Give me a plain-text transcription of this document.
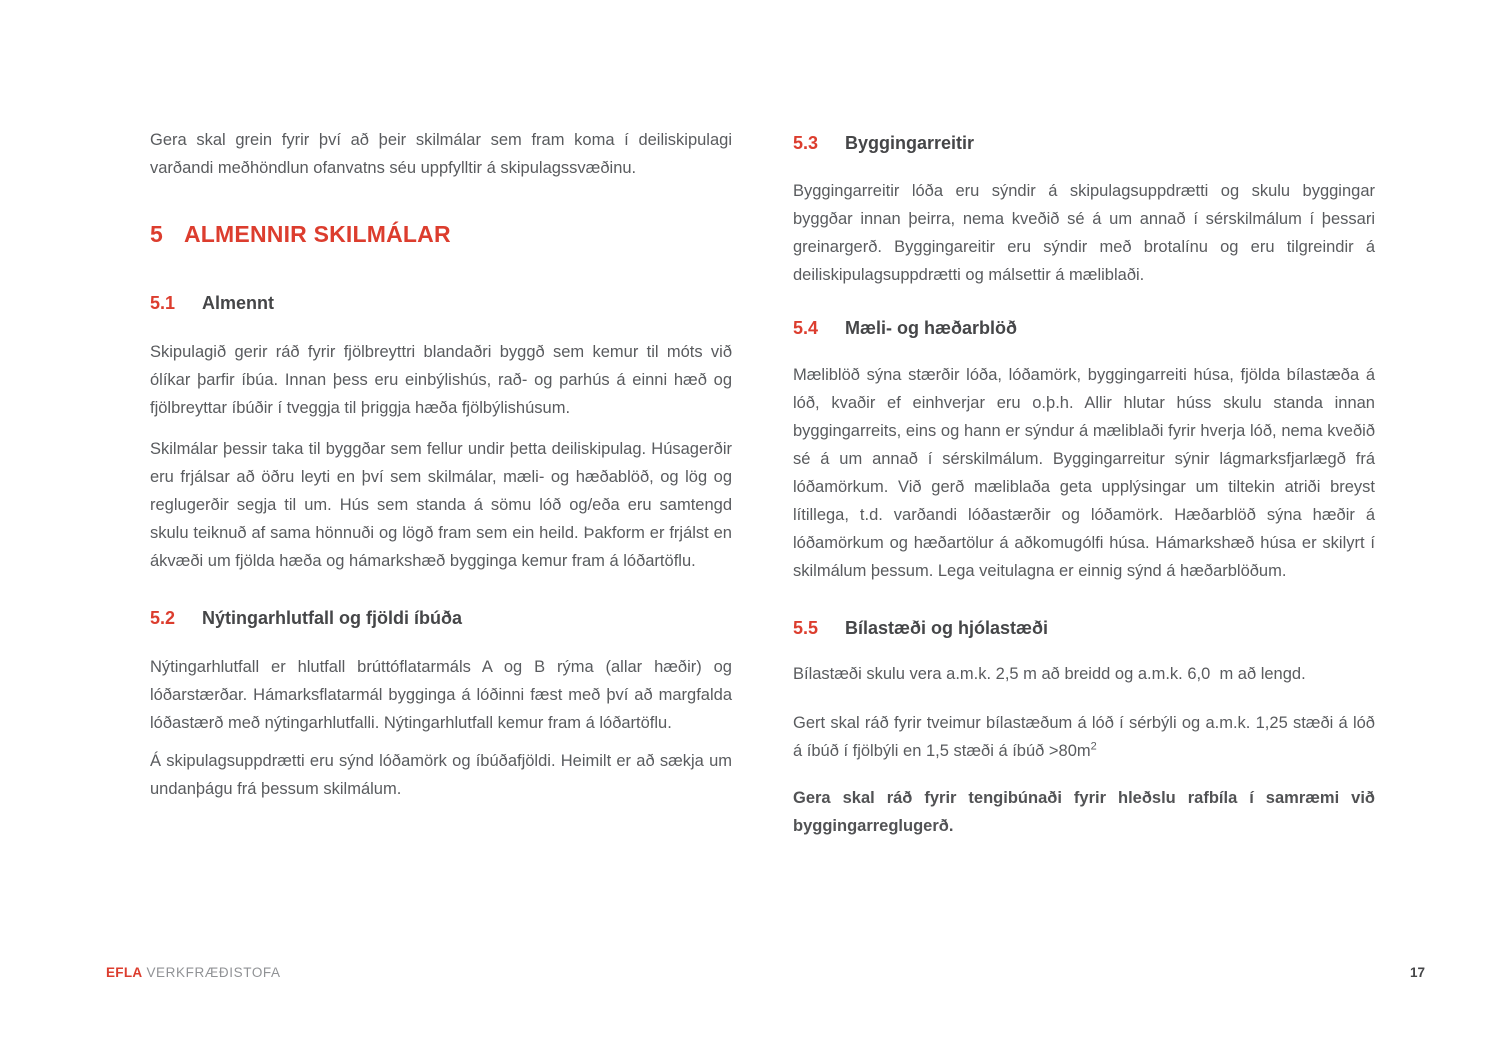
Gera skal grein fyrir því að þeir skilmálar sem fram koma í deiliskipulagi varðandi meðhöndlun ofanvatns séu uppfylltir á skipulagssvæðinu.
5 ALMENNIR SKILMÁLAR
5.1 Almennt
Skipulagið gerir ráð fyrir fjölbreyttri blandaðri byggð sem kemur til móts við ólíkar þarfir íbúa. Innan þess eru einbýlishús, rað- og parhús á einni hæð og fjölbreyttar íbúðir í tveggja til þriggja hæða fjölbýlishúsum.
Skilmálar þessir taka til byggðar sem fellur undir þetta deiliskipulag. Húsagerðir eru frjálsar að öðru leyti en því sem skilmálar, mæli- og hæðablöð, og lög og reglugerðir segja til um. Hús sem standa á sömu lóð og/eða eru samtengd skulu teiknuð af sama hönnuði og lögð fram sem ein heild. Þakform er frjálst en ákvæði um fjölda hæða og hámarkshæð bygginga kemur fram á lóðartöflu.
5.2 Nýtingarhlutfall og fjöldi íbúða
Nýtingarhlutfall er hlutfall brúttóflatarmáls A og B rýma (allar hæðir) og lóðarstærðar. Hámarksflatarmál bygginga á lóðinni fæst með því að margfalda lóðastærð með nýtingarhlutfalli. Nýtingarhlutfall kemur fram á lóðartöflu.
Á skipulagsuppdrætti eru sýnd lóðamörk og íbúðafjöldi. Heimilt er að sækja um undanþágu frá þessum skilmálum.
5.3 Byggingarreitir
Byggingarreitir lóða eru sýndir á skipulagsuppdrætti og skulu byggingar byggðar innan þeirra, nema kveðið sé á um annað í sérskilmálum í þessari greinargerð. Byggingareitir eru sýndir með brotalínu og eru tilgreindir á deiliskipulagsuppdrætti og málsettir á mæliblaði.
5.4 Mæli- og hæðarblöð
Mæliblöð sýna stærðir lóða, lóðamörk, byggingarreiti húsa, fjölda bílastæða á lóð, kvaðir ef einhverjar eru o.þ.h. Allir hlutar húss skulu standa innan byggingarreits, eins og hann er sýndur á mæliblaði fyrir hverja lóð, nema kveðið sé á um annað í sérskilmálum. Byggingarreitur sýnir lágmarksfjarlægð frá lóðamörkum. Við gerð mæliblaða geta upplýsingar um tiltekin atriði breyst lítillega, t.d. varðandi lóðastærðir og lóðamörk. Hæðarblöð sýna hæðir á lóðamörkum og hæðartölur á aðkomugólfi húsa. Hámarkshæð húsa er skilyrt í skilmálum þessum. Lega veitulagna er einnig sýnd á hæðarblöðum.
5.5 Bílastæði og hjólastæði
Bílastæði skulu vera a.m.k. 2,5 m að breidd og a.m.k. 6,0  m að lengd.
Gert skal ráð fyrir tveimur bílastæðum á lóð í sérbýli og a.m.k. 1,25 stæði á lóð á íbúð í fjölbýli en 1,5 stæði á íbúð $>80m^2$
Gera skal ráð fyrir tengibúnaði fyrir hleðslu rafbíla í samræmi við byggingarreglugerð.
EFLA VERKFRÆÐISTOFA	17
